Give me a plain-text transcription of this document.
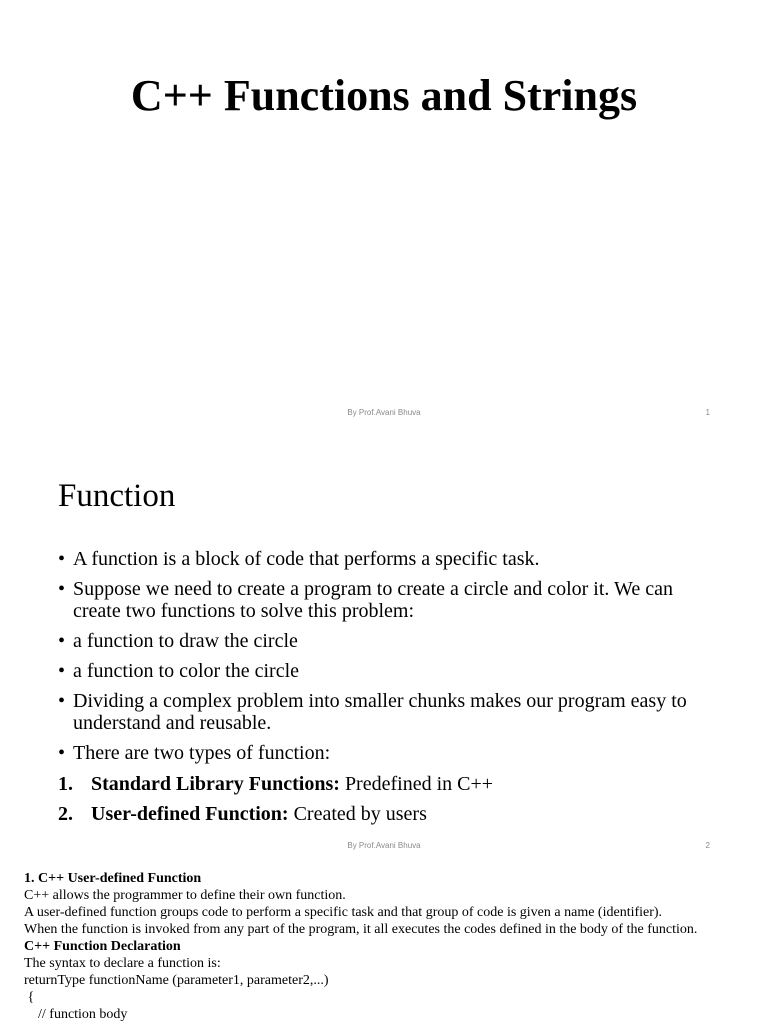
C++ Functions and Strings
By Prof.Avani Bhuva	1
Function
• A function is a block of code that performs a specific task.
• Suppose we need to create a program to create a circle and color it. We can create two functions to solve this problem:
• a function to draw the circle
• a function to color the circle
• Dividing a complex problem into smaller chunks makes our program easy to understand and reusable.
• There are two types of function:
1. Standard Library Functions: Predefined in C++
2. User-defined Function: Created by users
By Prof.Avani Bhuva	2
1. C++ User-defined Function
C++ allows the programmer to define their own function.
A user-defined function groups code to perform a specific task and that group of code is given a name (identifier).
When the function is invoked from any part of the program, it all executes the codes defined in the body of the function.
C++ Function Declaration
The syntax to declare a function is:
returnType functionName (parameter1, parameter2,...)
{
// function body
